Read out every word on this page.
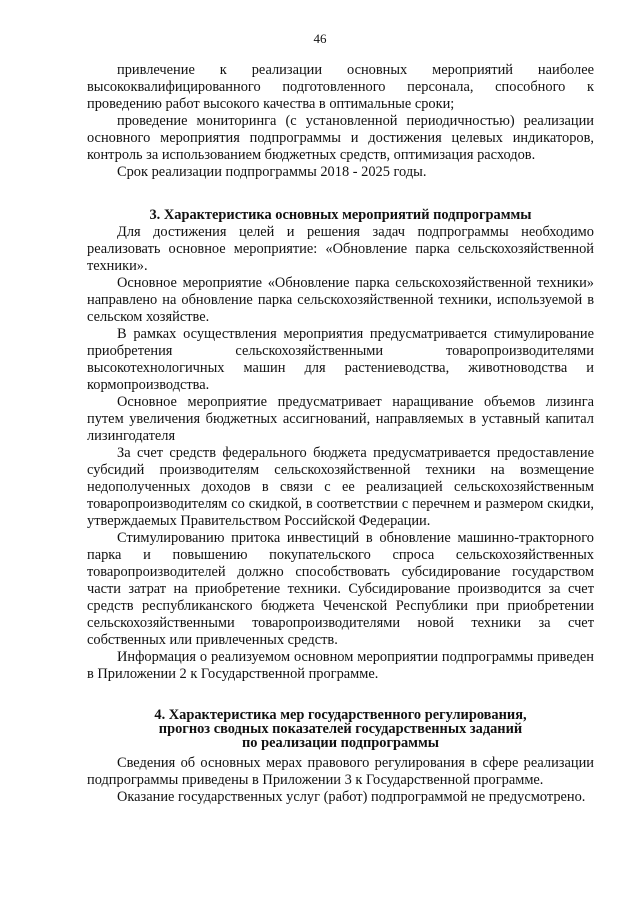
46

привлечение к реализации основных мероприятий наиболее высококвалифицированного подготовленного персонала, способного к проведению работ высокого качества в оптимальные сроки;

проведение мониторинга (с установленной периодичностью) реализации основного мероприятия подпрограммы и достижения целевых индикаторов, контроль за использованием бюджетных средств, оптимизация расходов.

Срок реализации подпрограммы 2018 - 2025 годы.

3. Характеристика основных мероприятий подпрограммы

Для достижения целей и решения задач подпрограммы необходимо реализовать основное мероприятие: «Обновление парка сельскохозяйственной техники».

Основное мероприятие «Обновление парка сельскохозяйственной техники» направлено на обновление парка сельскохозяйственной техники, используемой в сельском хозяйстве.

В рамках осуществления мероприятия предусматривается стимулирование приобретения сельскохозяйственными товаропроизводителями высокотехнологичных машин для растениеводства, животноводства и кормопроизводства.

Основное мероприятие предусматривает наращивание объемов лизинга путем увеличения бюджетных ассигнований, направляемых в уставный капитал лизингодателя

За счет средств федерального бюджета предусматривается предоставление субсидий производителям сельскохозяйственной техники на возмещение недополученных доходов в связи с ее реализацией сельскохозяйственным товаропроизводителям со скидкой, в соответствии с перечнем и размером скидки, утверждаемых Правительством Российской Федерации.

Стимулированию притока инвестиций в обновление машинно-тракторного парка и повышению покупательского спроса сельскохозяйственных товаропроизводителей должно способствовать субсидирование государством части затрат на приобретение техники. Субсидирование производится за счет средств республиканского бюджета Чеченской Республики при приобретении сельскохозяйственными товаропроизводителями новой техники за счет собственных или привлеченных средств.

Информация о реализуемом основном мероприятии подпрограммы приведен в Приложении 2 к Государственной программе.

4. Характеристика мер государственного регулирования,

прогноз сводных показателей государственных заданий

по реализации подпрограммы

Сведения об основных мерах правового регулирования в сфере реализации подпрограммы приведены в Приложении 3 к Государственной программе.

Оказание государственных услуг (работ) подпрограммой не предусмотрено.
